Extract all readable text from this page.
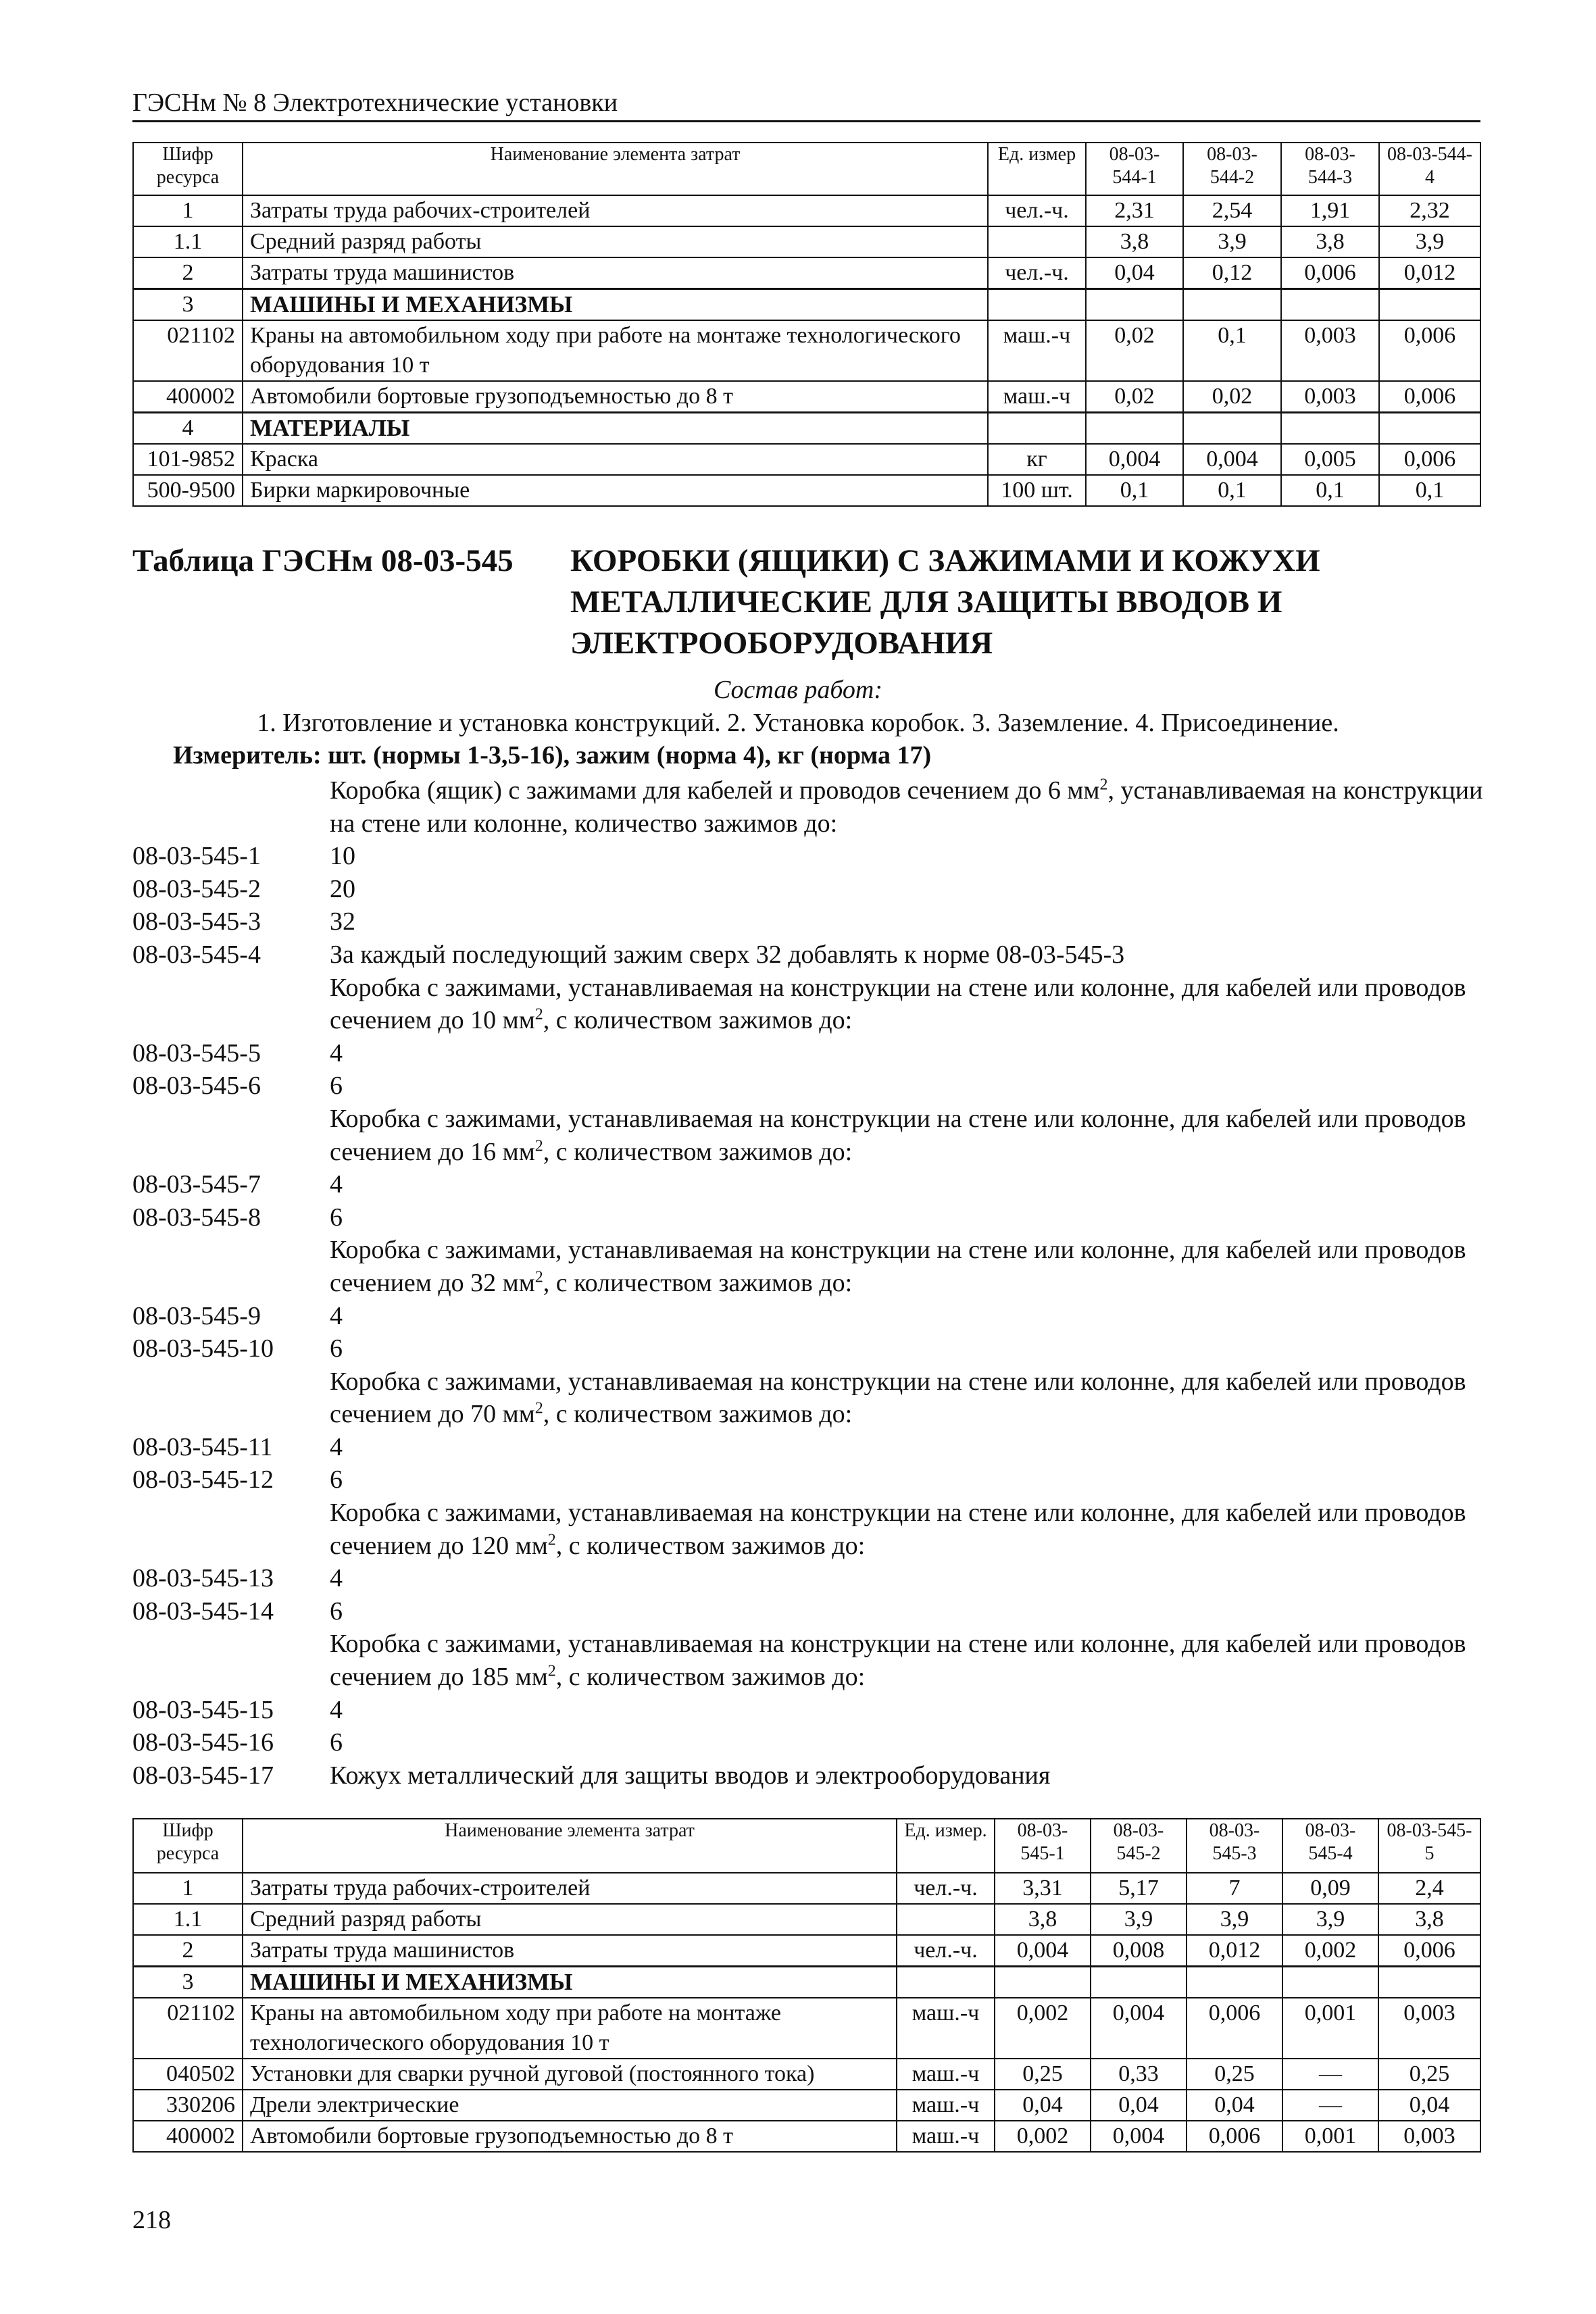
ГЭСНм № 8 Электротехнические установки
Шифр ресурса	Наименование элемента затрат	Ед. измер	08-03-544-1	08-03-544-2	08-03-544-3	08-03-544-4
1	Затраты труда рабочих-строителей	чел.-ч.	2,31	2,54	1,91	2,32
1.1	Средний разряд работы		3,8	3,9	3,8	3,9
2	Затраты труда машинистов	чел.-ч.	0,04	0,12	0,006	0,012
3	МАШИНЫ И МЕХАНИЗМЫ					
021102	Краны на автомобильном ходу при работе на монтаже технологического оборудования 10 т	маш.-ч	0,02	0,1	0,003	0,006
400002	Автомобили бортовые грузоподъемностью до 8 т	маш.-ч	0,02	0,02	0,003	0,006
4	МАТЕРИАЛЫ					
101-9852	Краска	кг	0,004	0,004	0,005	0,006
500-9500	Бирки маркировочные	100 шт.	0,1	0,1	0,1	0,1
Таблица ГЭСНм 08-03-545 КОРОБКИ (ЯЩИКИ) С ЗАЖИМАМИ И КОЖУХИ МЕТАЛЛИЧЕСКИЕ ДЛЯ ЗАЩИТЫ ВВОДОВ И ЭЛЕКТРООБОРУДОВАНИЯ
Состав работ:
1. Изготовление и установка конструкций. 2. Установка коробок. 3. Заземление. 4. Присоединение.
Измеритель: шт. (нормы 1-3,5-16), зажим (норма 4), кг (норма 17)
Коробка (ящик) с зажимами для кабелей и проводов сечением до 6 $мм^2$, устанавливаемая на конструкции на стене или колонне, количество зажимов до:
08-03-545-1	10
08-03-545-2	20
08-03-545-3	32
08-03-545-4	За каждый последующий зажим сверх 32 добавлять к норме 08-03-545-3
Коробка с зажимами, устанавливаемая на конструкции на стене или колонне, для кабелей или проводов сечением до 10 $мм^2$, с количеством зажимов до:
08-03-545-5	4
08-03-545-6	6
Коробка с зажимами, устанавливаемая на конструкции на стене или колонне, для кабелей или проводов сечением до 16 $мм^2$, с количеством зажимов до:
08-03-545-7	4
08-03-545-8	6
Коробка с зажимами, устанавливаемая на конструкции на стене или колонне, для кабелей или проводов сечением до 32 $мм^2$, с количеством зажимов до:
08-03-545-9	4
08-03-545-10 6
Коробка с зажимами, устанавливаемая на конструкции на стене или колонне, для кабелей или проводов сечением до 70 $мм^2$, с количеством зажимов до:
08-03-545-11 4
08-03-545-12 6
Коробка с зажимами, устанавливаемая на конструкции на стене или колонне, для кабелей или проводов сечением до 120 $мм^2$, с количеством зажимов до:
08-03-545-13 4
08-03-545-14 6
Коробка с зажимами, устанавливаемая на конструкции на стене или колонне, для кабелей или проводов сечением до 185 $мм^2$, с количеством зажимов до:
08-03-545-15 4
08-03-545-16 6
08-03-545-17 Кожух металлический для защиты вводов и электрооборудования
Шифр ресурса	Наименование элемента затрат	Ед. измер.	08-03-545-1	08-03-545-2	08-03-545-3	08-03-545-4	08-03-545-5
1	Затраты труда рабочих-строителей	чел.-ч.	3,31	5,17	7	0,09	2,4
1.1	Средний разряд работы		3,8	3,9	3,9	3,9	3,8
2	Затраты труда машинистов	чел.-ч.	0,004	0,008	0,012	0,002	0,006
3	МАШИНЫ И МЕХАНИЗМЫ						
021102	Краны на автомобильном ходу при работе на монтаже технологического оборудования 10 т	маш.-ч	0,002	0,004	0,006	0,001	0,003
040502	Установки для сварки ручной дуговой (постоянного тока)	маш.-ч	0,25	0,33	0,25	—	0,25
330206	Дрели электрические	маш.-ч	0,04	0,04	0,04	—	0,04
400002	Автомобили бортовые грузоподъемностью до 8 т	маш.-ч	0,002	0,004	0,006	0,001	0,003
218
